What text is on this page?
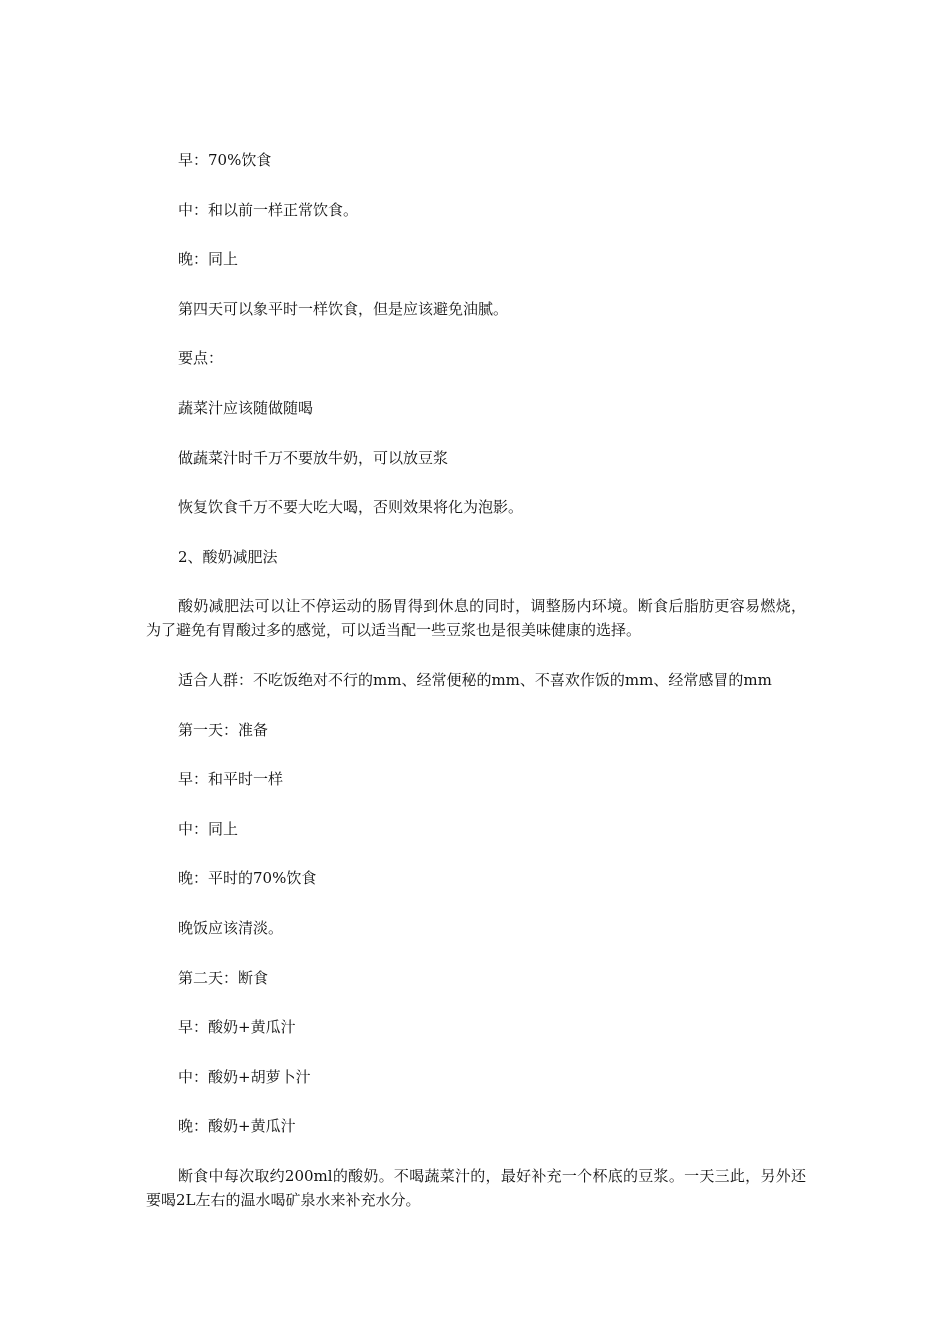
早：70%饮食

中：和以前一样正常饮食。

晚：同上

第四天可以象平时一样饮食，但是应该避免油腻。

要点：

蔬菜汁应该随做随喝

做蔬菜汁时千万不要放牛奶，可以放豆浆

恢复饮食千万不要大吃大喝，否则效果将化为泡影。

2、酸奶减肥法

酸奶减肥法可以让不停运动的肠胃得到休息的同时，调整肠内环境。断食后脂肪更容易燃烧，为了避免有胃酸过多的感觉，可以适当配一些豆浆也是很美味健康的选择。

适合人群：不吃饭绝对不行的mm、经常便秘的mm、不喜欢作饭的mm、经常感冒的mm

第一天：准备

早：和平时一样

中：同上

晚：平时的70%饮食

晚饭应该清淡。

第二天：断食

早：酸奶+黄瓜汁

中：酸奶+胡萝卜汁

晚：酸奶+黄瓜汁

断食中每次取约200ml的酸奶。不喝蔬菜汁的，最好补充一个杯底的豆浆。一天三此，另外还要喝2L左右的温水喝矿泉水来补充水分。
